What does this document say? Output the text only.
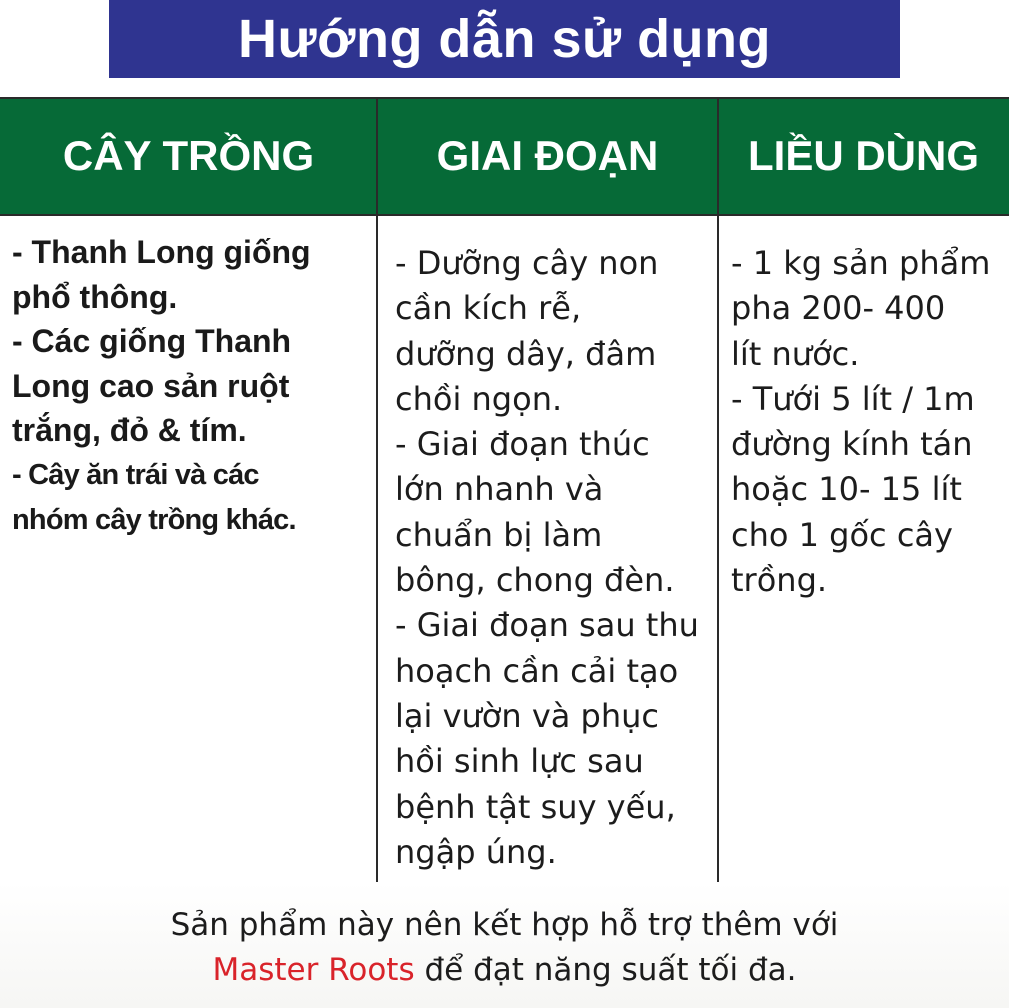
Hướng dẫn sử dụng
CÂY TRỒNG	GIAI ĐOẠN	LIỀU DÙNG
- Thanh Long giống
phổ thông.
- Các giống Thanh
Long cao sản ruột
trắng, đỏ & tím.
- Cây ăn trái và các
nhóm cây trồng khác.
- Dưỡng cây non
cần kích rễ,
dưỡng dây, đâm
chồi ngọn.
- Giai đoạn thúc
lớn nhanh và
chuẩn bị làm
bông, chong đèn.
- Giai đoạn sau thu
hoạch cần cải tạo
lại vườn và phục
hồi sinh lực sau
bệnh tật suy yếu,
ngập úng.
- 1 kg sản phẩm
pha 200- 400
lít nước.
- Tưới 5 lít / 1m
đường kính tán
hoặc 10- 15 lít
cho 1 gốc cây
trồng.
Sản phẩm này nên kết hợp hỗ trợ thêm với
Master Roots để đạt năng suất tối đa.
